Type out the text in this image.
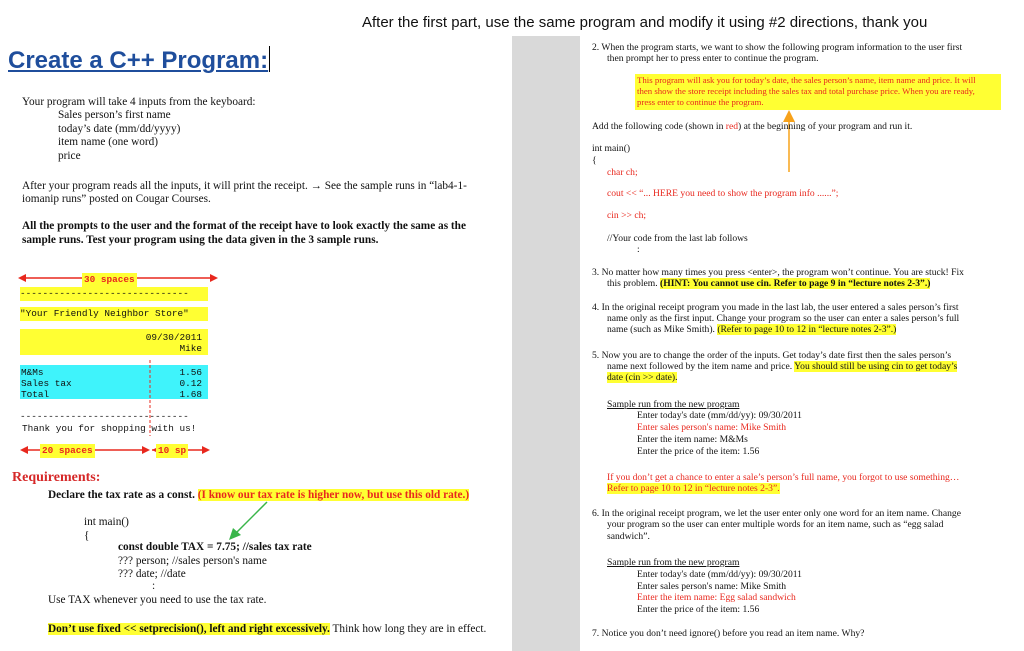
After the first part, use the same program and modify it using #2 directions, thank you
Create a C++ Program:
Your program will take 4 inputs from the keyboard:
Sales person’s first name
today’s date (mm/dd/yyyy)
item name (one word)
price
After your program reads all the inputs, it will print the receipt. → See the sample runs in “lab4-1-
iomanip runs” posted on Cougar Courses.
All the prompts to the user and the format of the receipt have to look exactly the same as the
sample runs. Test your program using the data given in the 3 sample runs.
30 spaces
------------------------------
"Your Friendly Neighbor Store"
09/30/2011
Mike
M&Ms	1.56
Sales tax	0.12
Total	1.68
------------------------------
Thank you for shopping with us!
20 spaces	10 sp
Requirements:
Declare the tax rate as a const. (I know our tax rate is higher now, but use this old rate.)
int main()
{
const double TAX = 7.75; //sales tax rate
??? person; //sales person's name
??? date; //date
:
Use TAX whenever you need to use the tax rate.
Don’t use fixed << setprecision(), left and right excessively. Think how long they are in effect.
2. When the program starts, we want to show the following program information to the user first
then prompt her to press enter to continue the program.
This program will ask you for today’s date, the sales person’s name, item name and price. It will
then show the store receipt including the sales tax and total purchase price. When you are ready,
press enter to continue the program.
Add the following code (shown in red) at the beginning of your program and run it.
int main()
{
char ch;
cout << “... HERE you need to show the program info ......”;
cin >> ch;
//Your code from the last lab follows
:
3. No matter how many times you press <enter>, the program won’t continue. You are stuck! Fix
this problem. (HINT: You cannot use cin. Refer to page 9 in “lecture notes 2-3”.)
4. In the original receipt program you made in the last lab, the user entered a sales person’s first
name only as the first input. Change your program so the user can enter a sales person’s full
name (such as Mike Smith). (Refer to page 10 to 12 in “lecture notes 2-3”.)
5. Now you are to change the order of the inputs. Get today’s date first then the sales person’s
name next followed by the item name and price. You should still be using cin to get today’s
date (cin >> date).
Sample run from the new program
Enter today's date (mm/dd/yy): 09/30/2011
Enter sales person's name: Mike Smith
Enter the item name: M&Ms
Enter the price of the item: 1.56
If you don’t get a chance to enter a sale’s person’s full name, you forgot to use something…
Refer to page 10 to 12 in “lecture notes 2-3”.
6. In the original receipt program, we let the user enter only one word for an item name. Change
your program so the user can enter multiple words for an item name, such as “egg salad
sandwich”.
Sample run from the new program
Enter today's date (mm/dd/yy): 09/30/2011
Enter sales person's name: Mike Smith
Enter the item name: Egg salad sandwich
Enter the price of the item: 1.56
7. Notice you don’t need ignore() before you read an item name. Why?
